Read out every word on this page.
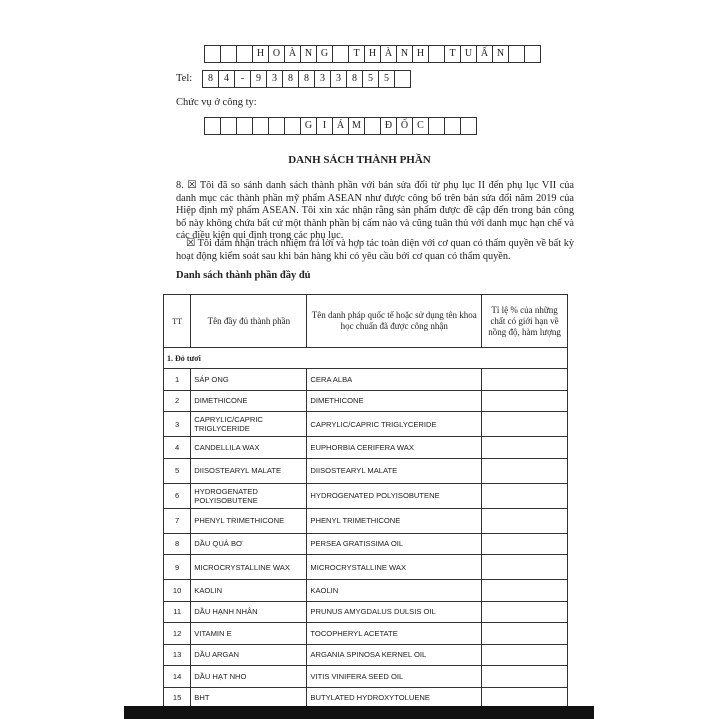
H O À N G	T H À N H	T U Ấ N
Tel:	8	4	-	9	3	8	8	3	3	8	5	5
Chức vụ ở công ty:
G	I	Á M	Đ Ố C
DANH SÁCH THÀNH PHẦN
8. ☒ Tôi đã so sánh danh sách thành phần với bản sửa đổi từ phụ lục II đến phụ lục VII của danh mục các thành phần mỹ phẩm ASEAN như được công bố trên bản sửa đổi năm 2019 của Hiệp định mỹ phẩm ASEAN. Tôi xin xác nhận rằng sản phẩm được đề cập đến trong bản công bố này không chứa bất cứ một thành phần bị cấm nào và cũng tuân thủ với danh mục hạn chế và các điều kiện qui định trong các phụ lục.
☒ Tôi đảm nhận trách nhiệm trả lời và hợp tác toàn diện với cơ quan có thẩm quyền về bất kỳ hoạt động kiểm soát sau khi bán hàng khi có yêu cầu bởi cơ quan có thẩm quyền.
Danh sách thành phần đầy đủ
TT	Tên đầy đủ thành phần	Tên danh pháp quốc tế hoặc sử dụng tên khoa học chuẩn đã được công nhận	Tỉ lệ % của những chất có giới hạn về nồng độ, hàm lượng
1. Đỏ tươi			
1	SÁP ONG	CERA ALBA	
2	DIMETHICONE	DIMETHICONE	
3	CAPRYLIC/CAPRIC TRIGLYCERIDE	CAPRYLIC/CAPRIC TRIGLYCERIDE	
4	CANDELLILA WAX	EUPHORBIA CERIFERA WAX	
5	DIISOSTEARYL MALATE	DIISOSTEARYL MALATE	
6	HYDROGENATED POLYISOBUTENE	HYDROGENATED POLYISOBUTENE	
7	PHENYL TRIMETHICONE	PHENYL TRIMETHICONE	
8	DẦU QUẢ BƠ	PERSEA GRATISSIMA OIL	
9	MICROCRYSTALLINE WAX	MICROCRYSTALLINE WAX	
10	KAOLIN	KAOLIN	
11	DẦU HẠNH NHÂN	PRUNUS AMYGDALUS DULSIS OIL	
12	VITAMIN E	TOCOPHERYL ACETATE	
13	DẦU ARGAN	ARGANIA SPINOSA KERNEL OIL	
14	DẦU HẠT NHO	VITIS VINIFERA SEED OIL	
15	BHT	BUTYLATED HYDROXYTOLUENE	
